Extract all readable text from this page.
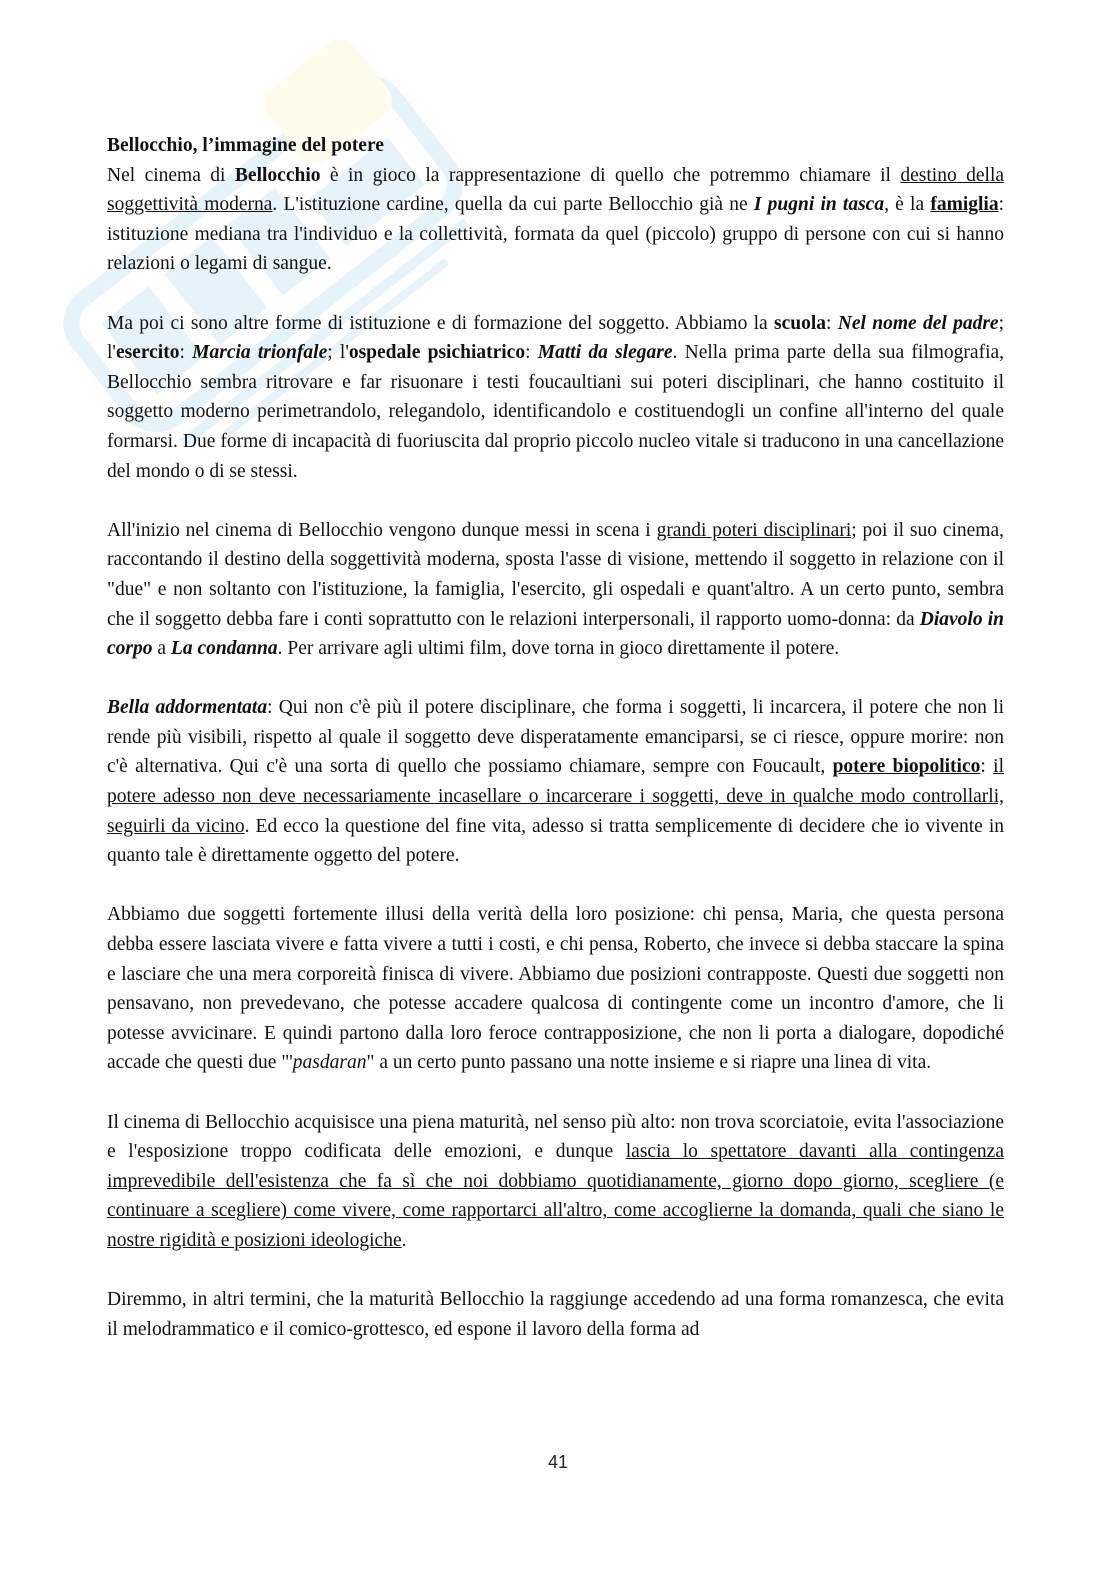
Bellocchio, l’immagine del potere

Nel cinema di Bellocchio è in gioco la rappresentazione di quello che potremmo chiamare il destino della soggettività moderna. L'istituzione cardine, quella da cui parte Bellocchio già ne I pugni in tasca, è la famiglia: istituzione mediana tra l'individuo e la collettività, formata da quel (piccolo) gruppo di persone con cui si hanno relazioni o legami di sangue.

Ma poi ci sono altre forme di istituzione e di formazione del soggetto. Abbiamo la scuola: Nel nome del padre; l'esercito: Marcia trionfale; l'ospedale psichiatrico: Matti da slegare. Nella prima parte della sua filmografia, Bellocchio sembra ritrovare e far risuonare i testi foucaultiani sui poteri disciplinari, che hanno costituito il soggetto moderno perimetrandolo, relegandolo, identificandolo e costituendogli un confine all'interno del quale formarsi. Due forme di incapacità di fuoriuscita dal proprio piccolo nucleo vitale si traducono in una cancellazione del mondo o di se stessi.

All'inizio nel cinema di Bellocchio vengono dunque messi in scena i grandi poteri disciplinari; poi il suo cinema, raccontando il destino della soggettività moderna, sposta l'asse di visione, mettendo il soggetto in relazione con il "due" e non soltanto con l'istituzione, la famiglia, l'esercito, gli ospedali e quant'altro. A un certo punto, sembra che il soggetto debba fare i conti soprattutto con le relazioni interpersonali, il rapporto uomo-donna: da Diavolo in corpo a La condanna. Per arrivare agli ultimi film, dove torna in gioco direttamente il potere.

Bella addormentata: Qui non c'è più il potere disciplinare, che forma i soggetti, li incarcera, il potere che non li rende più visibili, rispetto al quale il soggetto deve disperatamente emanciparsi, se ci riesce, oppure morire: non c'è alternativa. Qui c'è una sorta di quello che possiamo chiamare, sempre con Foucault, potere biopolitico: il potere adesso non deve necessariamente incasellare o incarcerare i soggetti, deve in qualche modo controllarli, seguirli da vicino. Ed ecco la questione del fine vita, adesso si tratta semplicemente di decidere che io vivente in quanto tale è direttamente oggetto del potere.

Abbiamo due soggetti fortemente illusi della verità della loro posizione: chi pensa, Maria, che questa persona debba essere lasciata vivere e fatta vivere a tutti i costi, e chi pensa, Roberto, che invece si debba staccare la spina e lasciare che una mera corporeità finisca di vivere. Abbiamo due posizioni contrapposte. Questi due soggetti non pensavano, non prevedevano, che potesse accadere qualcosa di contingente come un incontro d'amore, che li potesse avvicinare. E quindi partono dalla loro feroce contrapposizione, che non li porta a dialogare, dopodiché accade che questi due "'pasdaran" a un certo punto passano una notte insieme e si riapre una linea di vita.

Il cinema di Bellocchio acquisisce una piena maturità, nel senso più alto: non trova scorciatoie, evita l'associazione e l'esposizione troppo codificata delle emozioni, e dunque lascia lo spettatore davanti alla contingenza imprevedibile dell'esistenza che fa sì che noi dobbiamo quotidianamente, giorno dopo giorno, scegliere (e continuare a scegliere) come vivere, come rapportarci all'altro, come accoglierne la domanda, quali che siano le nostre rigidità e posizioni ideologiche.

Diremmo, in altri termini, che la maturità Bellocchio la raggiunge accedendo ad una forma romanzesca, che evita il melodrammatico e il comico-grottesco, ed espone il lavoro della forma ad

41
